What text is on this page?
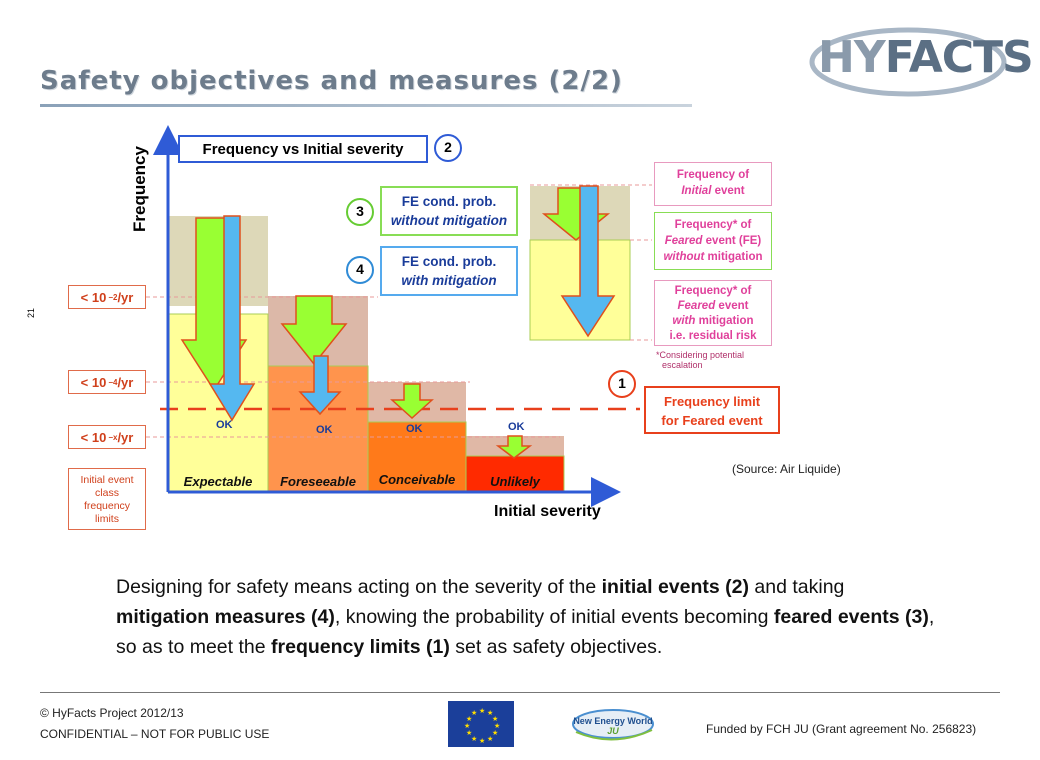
Safety objectives and measures (2/2)	HYFACTS
21
Frequency
Initial severity
Frequency vs Initial severity	2
3
4
1
FE cond. prob.
without mitigation
FE cond. prob.
with mitigation
< 10 −2 /yr
< 10 −4 /yr
< 10 −x /yr
Initial event class frequency limits
Expectable	Foreseeable	Conceivable	Unlikely
OK	OK	OK	OK
Frequency of
Initial event
Frequency* of
Feared event (FE)
without mitigation
Frequency* of
Feared event
with mitigation
i.e. residual risk
*Considering potential
escalation
Frequency limit
for Feared event
(Source: Air Liquide)
Designing for safety means acting on the severity of the initial events (2) and taking mitigation measures (4), knowing the probability of initial events becoming feared events (3), so as to meet the frequency limits (1) set as safety objectives.
© HyFacts Project 2012/13
CONFIDENTIAL – NOT FOR PUBLIC USE
★ ★
★
★
★
★
★
★
★
★
★
★
New Energy World JU	Funded by FCH JU (Grant agreement No. 256823)
